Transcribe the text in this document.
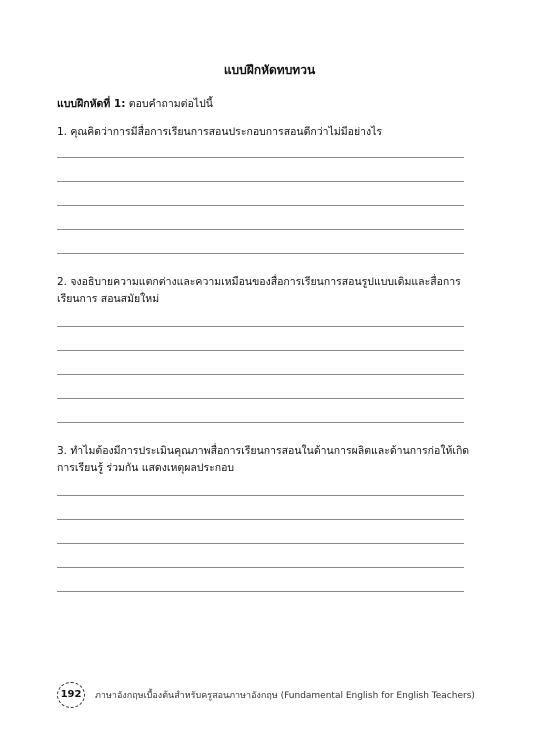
แบบฝึกหัดทบทวน
แบบฝึกหัดที่ 1: ตอบคำถามต่อไปนี้
1. คุณคิดว่าการมีสื่อการเรียนการสอนประกอบการสอนดีกว่าไม่มีอย่างไร
2. จงอธิบายความแตกต่างและความเหมือนของสื่อการเรียนการสอนรูปแบบเดิมและสื่อการเรียนการ สอนสมัยใหม่
3. ทำไมต้องมีการประเมินคุณภาพสื่อการเรียนการสอนในด้านการผลิตและด้านการก่อให้เกิดการเรียนรู้ ร่วมกัน แสดงเหตุผลประกอบ
192	ภาษาอังกฤษเบื้องต้นสำหรับครูสอนภาษาอังกฤษ (Fundamental English for English Teachers)
